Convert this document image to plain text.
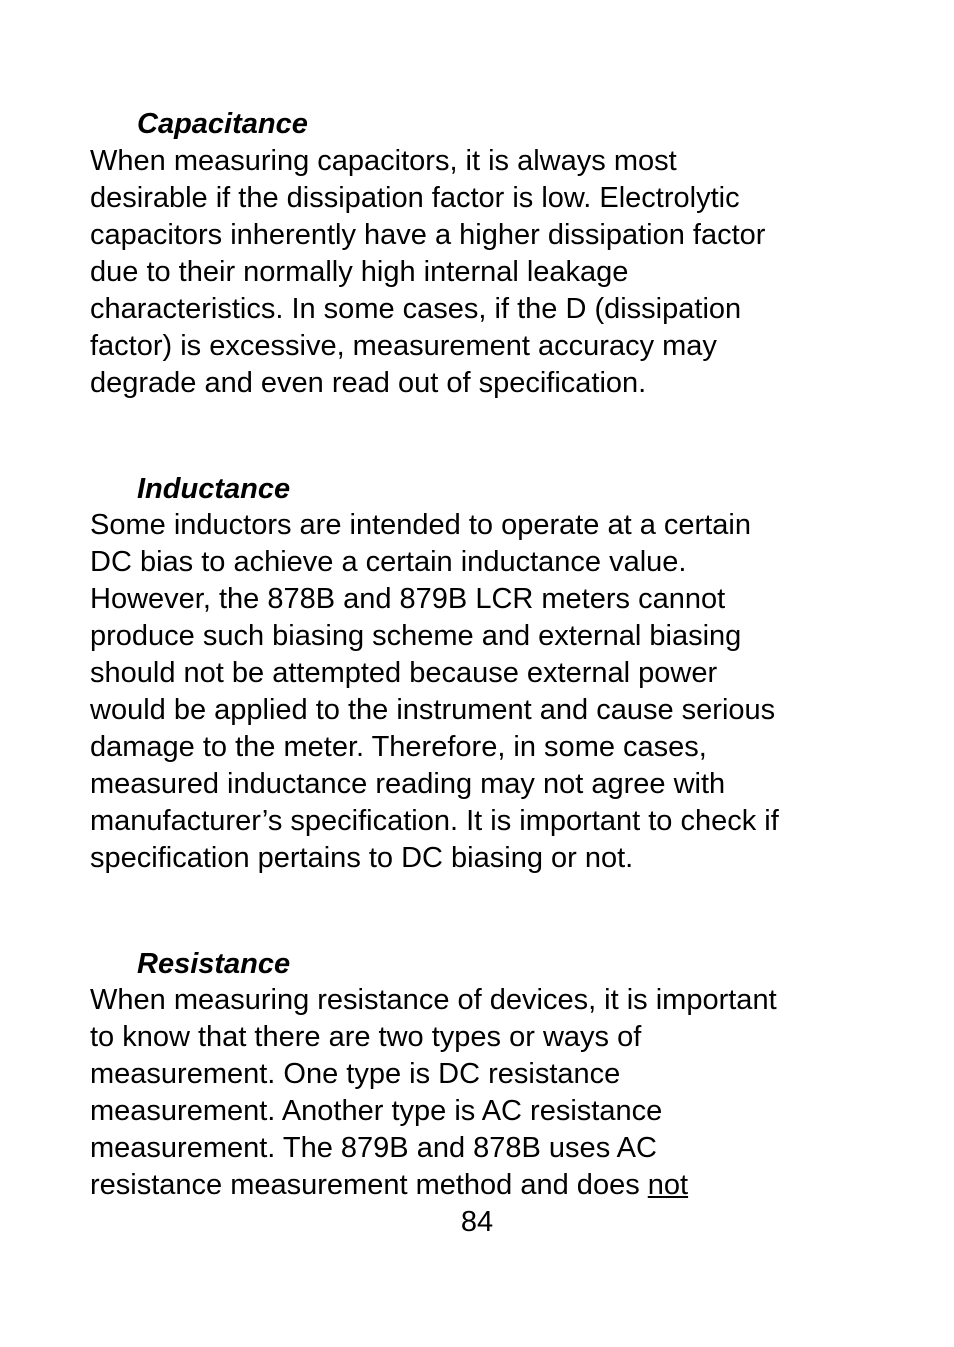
Capacitance
When measuring capacitors, it is always most
desirable if the dissipation factor is low. Electrolytic
capacitors inherently have a higher dissipation factor
due to their normally high internal leakage
characteristics. In some cases, if the D (dissipation
factor) is excessive, measurement accuracy may
degrade and even read out of specification.
Inductance
Some inductors are intended to operate at a certain
DC bias to achieve a certain inductance value.
However, the 878B and 879B LCR meters cannot
produce such biasing scheme and external biasing
should not be attempted because external power
would be applied to the instrument and cause serious
damage to the meter. Therefore, in some cases,
measured inductance reading may not agree with
manufacturer’s specification. It is important to check if
specification pertains to DC biasing or not.
Resistance
When measuring resistance of devices, it is important
to know that there are two types or ways of
measurement. One type is DC resistance
measurement. Another type is AC resistance
measurement. The 879B and 878B uses AC
resistance measurement method and does not
84
